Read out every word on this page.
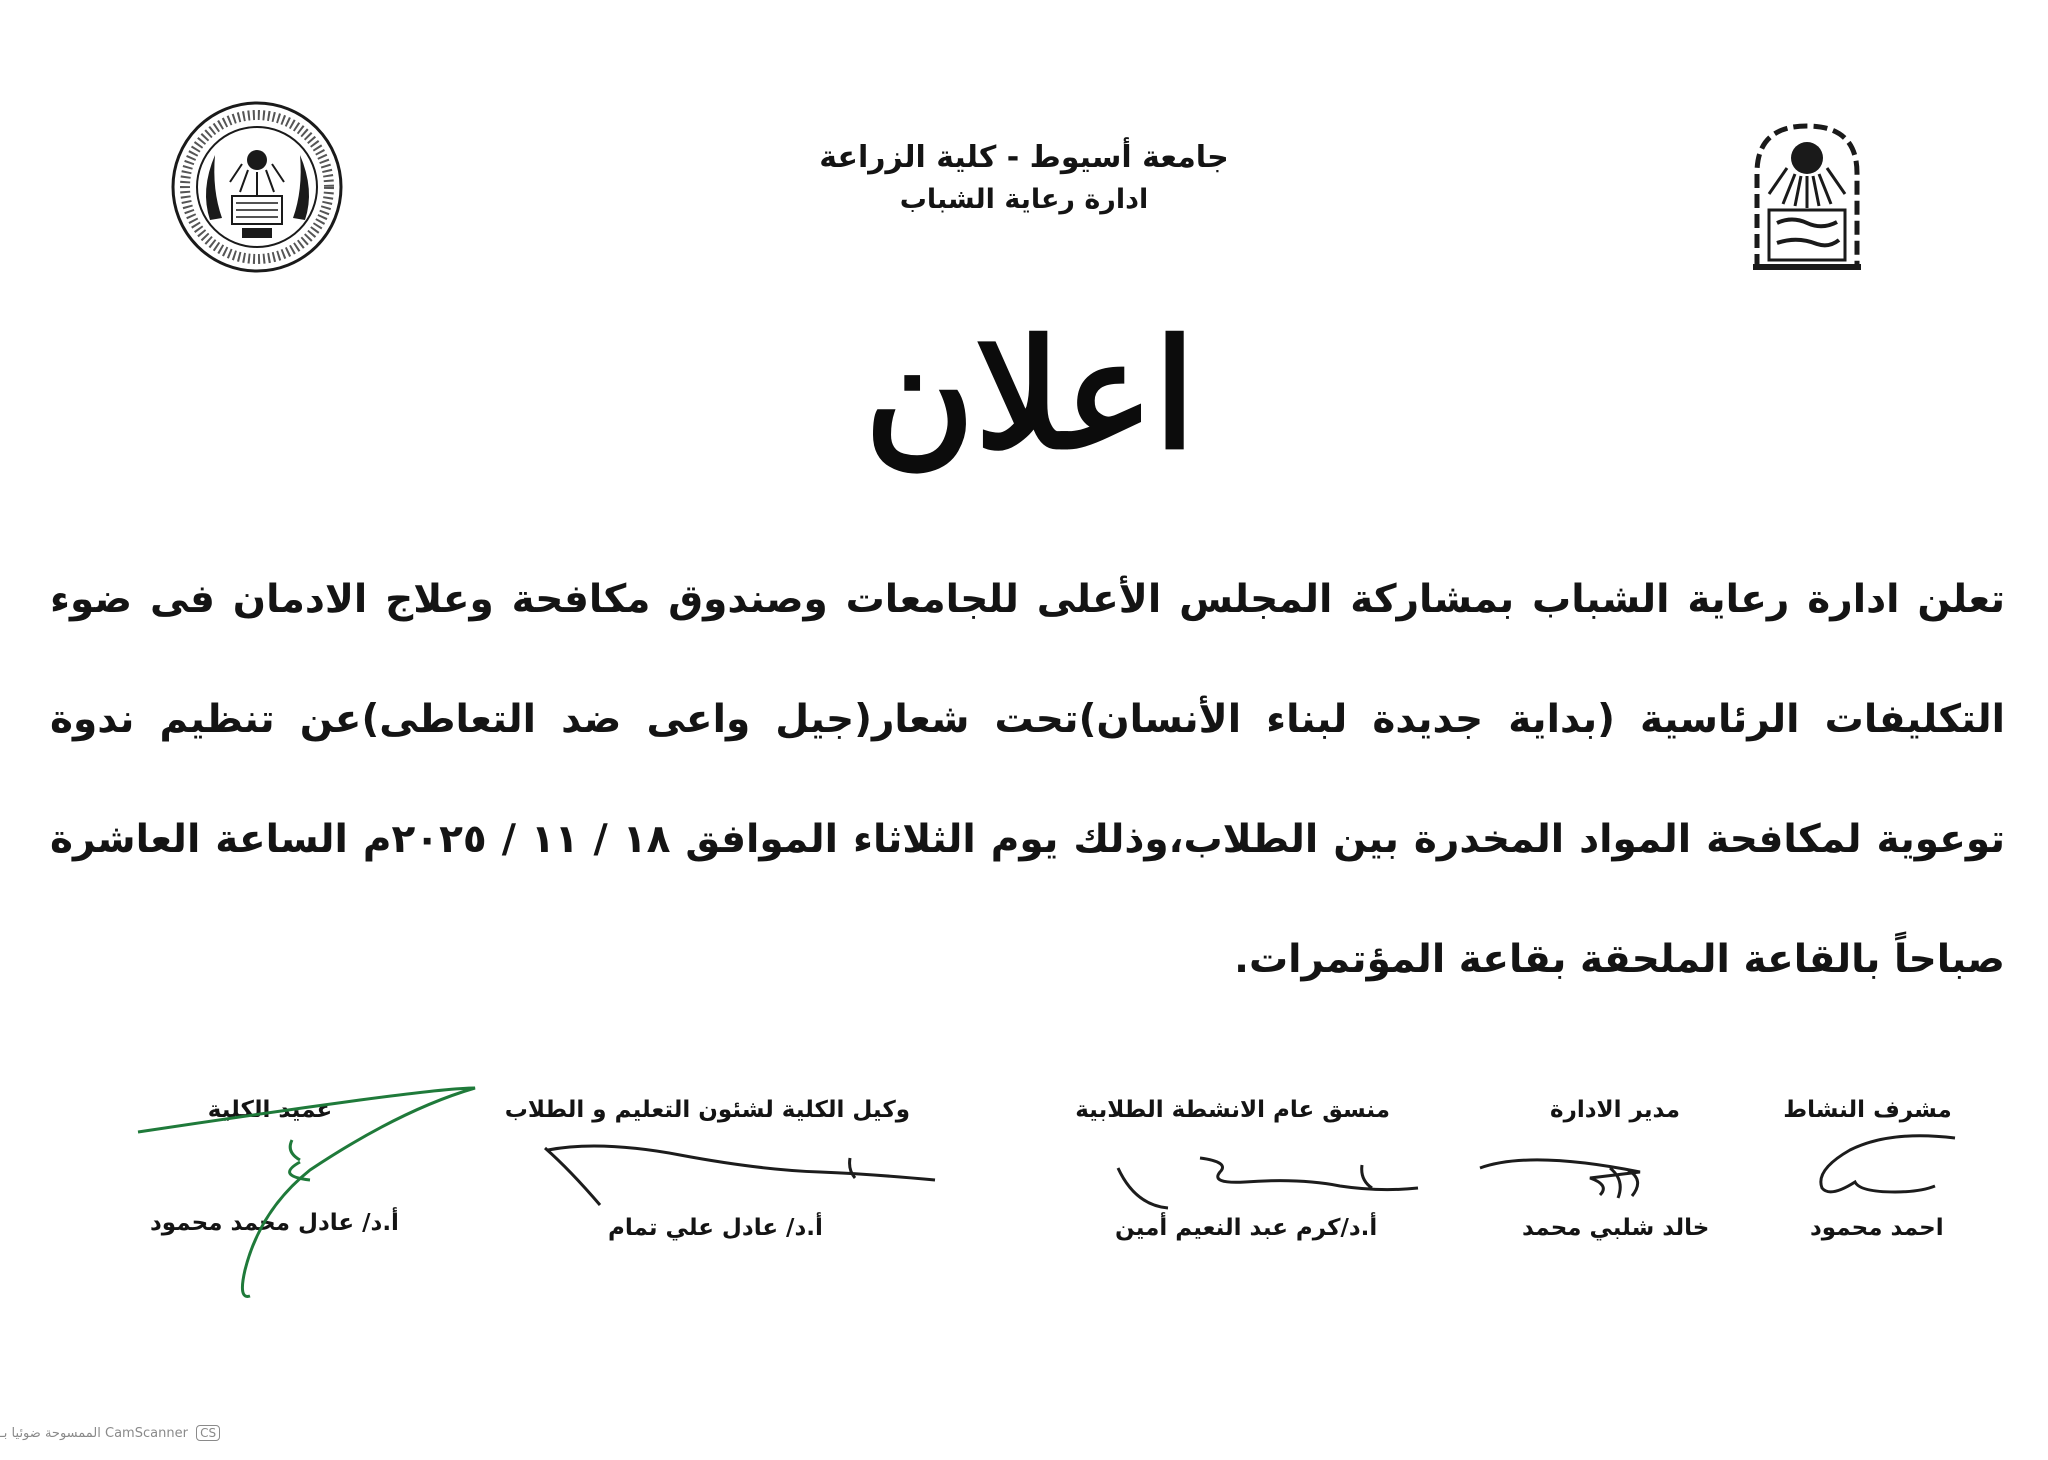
جامعة أسيوط - كلية الزراعة
ادارة رعاية الشباب
اعلان
تعلن ادارة رعاية الشباب بمشاركة المجلس الأعلى للجامعات وصندوق مكافحة وعلاج الادمان فى ضوء التكليفات الرئاسية (بداية جديدة لبناء الأنسان)تحت شعار(جيل واعى ضد التعاطى)عن تنظيم ندوة توعوية لمكافحة المواد المخدرة بين الطلاب،وذلك يوم الثلاثاء الموافق ١٨ / ١١ / ٢٠٢٥م الساعة العاشرة صباحاً بالقاعة الملحقة بقاعة المؤتمرات.
مشرف النشاط
احمد محمود
مدير الادارة
خالد شلبي محمد
منسق عام الانشطة الطلابية
أ.د/كرم عبد النعيم أمين
وكيل الكلية لشئون التعليم و الطلاب
أ.د/ عادل علي تمام
عميد الكلية
أ.د/ عادل محمد محمود
CS CamScanner الممسوحة ضوئيا بـ
